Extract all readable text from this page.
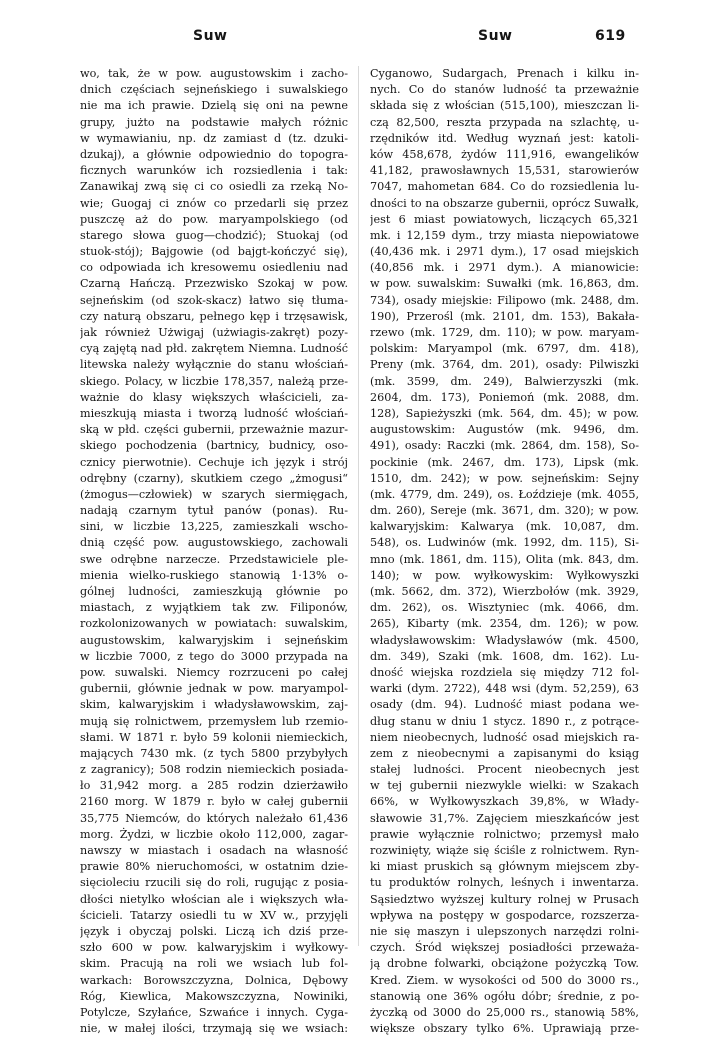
Suw	Suw	619
wo, tak, że w pow. augustowskim i zacho-
dnich częściach sejneńskiego i suwalskiego
nie ma ich prawie. Dzielą się oni na pewne
grupy, jużto na podstawie małych różnic
w wymawianiu, np. dz zamiast d (tz. dzuki-
dzukaj), a głównie odpowiednio do topogra-
ficznych warunków ich rozsiedlenia i tak:
Zanawikaj zwą się ci co osiedli za rzeką No-
wie; Guogaj ci znów co przedarli się przez
puszczę aż do pow. maryampolskiego (od
starego słowa guog—chodzić); Stuokaj (od
stuok-stój); Bajgowie (od bajgt-kończyć się),
co odpowiada ich kresowemu osiedleniu nad
Czarną Hańczą. Przezwisko Szokaj w pow.
sejneńskim (od szok-skacz) łatwo się tłuma-
czy naturą obszaru, pełnego kęp i trzęsawisk,
jak również Użwigaj (użwiagis-zakręt) pozy-
cyą zajętą nad płd. zakrętem Niemna. Ludność
litewska należy wyłącznie do stanu włościań-
skiego. Polacy, w liczbie 178,357, należą prze-
ważnie do klasy większych właścicieli, za-
mieszkują miasta i tworzą ludność włościań-
ską w płd. części gubernii, przeważnie mazur-
skiego pochodzenia (bartnicy, budnicy, oso-
cznicy pierwotnie). Cechuje ich język i strój
odrębny (czarny), skutkiem czego „żmogusi“
(żmogus—człowiek) w szarych siermięgach,
nadają czarnym tytuł panów (ponas). Ru-
sini, w liczbie 13,225, zamieszkali wscho-
dnią część pow. augustowskiego, zachowali
swe odrębne narzecze. Przedstawiciele ple-
mienia wielko-ruskiego stanowią 1·13% o-
gólnej ludności, zamieszkują głównie po
miastach, z wyjątkiem tak zw. Filiponów,
rozkolonizowanych w powiatach: suwalskim,
augustowskim, kalwaryjskim i sejneńskim
w liczbie 7000, z tego do 3000 przypada na
pow. suwalski. Niemcy rozrzuceni po całej
gubernii, głównie jednak w pow. maryampol-
skim, kalwaryjskim i władysławowskim, zaj-
mują się rolnictwem, przemysłem lub rzemio-
słami. W 1871 r. było 59 kolonii niemieckich,
mających 7430 mk. (z tych 5800 przybyłych
z zagranicy); 508 rodzin niemieckich posiada-
ło 31,942 morg. a 285 rodzin dzierżawiło
2160 morg. W 1879 r. było w całej gubernii
35,775 Niemców, do których należało 61,436
morg. Żydzi, w liczbie około 112,000, zagar-
nawszy w miastach i osadach na własność
prawie 80% nieruchomości, w ostatnim dzie-
sięcioleciu rzucili się do roli, rugując z posia-
dłości nietylko włościan ale i większych wła-
ścicieli. Tatarzy osiedli tu w XV w., przyjęli
język i obyczaj polski. Liczą ich dziś prze-
szło 600 w pow. kalwaryjskim i wyłkowy-
skim. Pracują na roli we wsiach lub fol-
warkach: Borowszczyzna, Dolnica, Dębowy
Róg, Kiewlica, Makowszczyzna, Nowiniki,
Potylcze, Szyłańce, Szwańce i innych. Cyga-
nie, w małej ilości, trzymają się we wsiach:
Cyganowo, Sudargach, Prenach i kilku in-
nych. Co do stanów ludność ta przeważnie
składa się z włościan (515,100), mieszczan li-
czą 82,500, reszta przypada na szlachtę, u-
rzędników itd. Według wyznań jest: katoli-
ków 458,678, żydów 111,916, ewangelików
41,182, prawosławnych 15,531, starowierów
7047, mahometan 684. Co do rozsiedlenia lu-
dności to na obszarze gubernii, oprócz Suwałk,
jest 6 miast powiatowych, liczących 65,321
mk. i 12,159 dym., trzy miasta niepowiatowe
(40,436 mk. i 2971 dym.), 17 osad miejskich
(40,856 mk. i 2971 dym.). A mianowicie:
w pow. suwalskim: Suwałki (mk. 16,863, dm.
734), osady miejskie: Filipowo (mk. 2488, dm.
190), Przerośl (mk. 2101, dm. 153), Bakała-
rzewo (mk. 1729, dm. 110); w pow. maryam-
polskim: Maryampol (mk. 6797, dm. 418),
Preny (mk. 3764, dm. 201), osady: Pilwiszki
(mk. 3599, dm. 249), Balwierzyszki (mk.
2604, dm. 173), Poniemoń (mk. 2088, dm.
128), Sapieżyszki (mk. 564, dm. 45); w pow.
augustowskim: Augustów (mk. 9496, dm.
491), osady: Raczki (mk. 2864, dm. 158), So-
pockinie (mk. 2467, dm. 173), Lipsk (mk.
1510, dm. 242); w pow. sejneńskim: Sejny
(mk. 4779, dm. 249), os. Łoździeje (mk. 4055,
dm. 260), Sereje (mk. 3671, dm. 320); w pow.
kalwaryjskim: Kalwarya (mk. 10,087, dm.
548), os. Ludwinów (mk. 1992, dm. 115), Si-
mno (mk. 1861, dm. 115), Olita (mk. 843, dm.
140); w pow. wyłkowyskim: Wyłkowyszki
(mk. 5662, dm. 372), Wierzbołów (mk. 3929,
dm. 262), os. Wisztyniec (mk. 4066, dm.
265), Kibarty (mk. 2354, dm. 126); w pow.
władysławowskim: Władysławów (mk. 4500,
dm. 349), Szaki (mk. 1608, dm. 162). Lu-
dność wiejska rozdziela się między 712 fol-
warki (dym. 2722), 448 wsi (dym. 52,259), 63
osady (dm. 94). Ludność miast podana we-
dług stanu w dniu 1 stycz. 1890 r., z potrące-
niem nieobecnych, ludność osad miejskich ra-
zem z nieobecnymi a zapisanymi do ksiąg
stałej ludności. Procent nieobecnych jest
w tej gubernii niezwykle wielki: w Szakach
66%, w Wyłkowyszkach 39,8%, w Włady-
sławowie 31,7%. Zajęciem mieszkańców jest
prawie wyłącznie rolnictwo; przemysł mało
rozwinięty, wiąże się ściśle z rolnictwem. Ryn-
ki miast pruskich są głównym miejscem zby-
tu produktów rolnych, leśnych i inwentarza.
Sąsiedztwo wyższej kultury rolnej w Prusach
wpływa na postępy w gospodarce, rozszerza-
nie się maszyn i ulepszonych narzędzi rolni-
czych. Śród większej posiadłości przeważa-
ją drobne folwarki, obciążone pożyczką Tow.
Kred. Ziem. w wysokości od 500 do 3000 rs.,
stanowią one 36% ogółu dóbr; średnie, z po-
życzką od 3000 do 25,000 rs., stanowią 58%,
większe obszary tylko 6%. Uprawiają prze-
